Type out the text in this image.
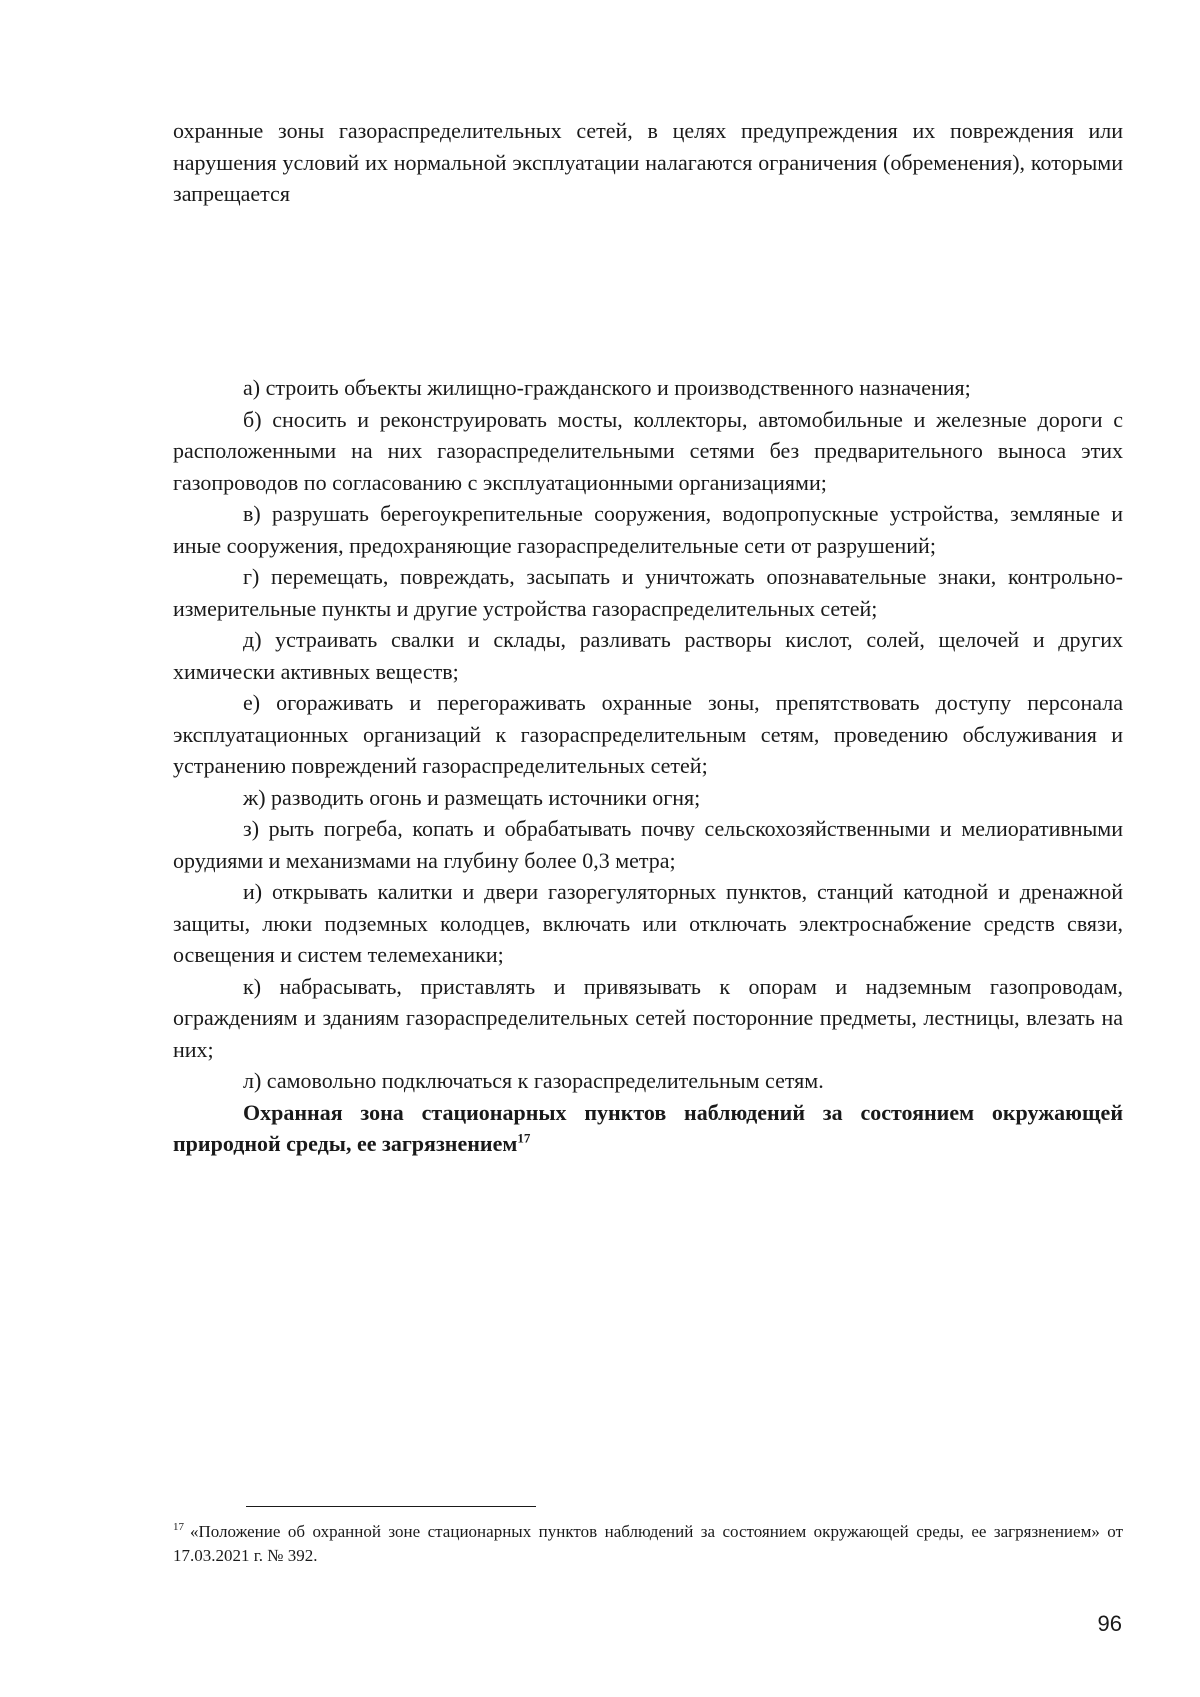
охранные зоны газораспределительных сетей, в целях предупреждения их повреждения или нарушения условий их нормальной эксплуатации налагаются ограничения (обременения), которыми запрещается

а) строить объекты жилищно-гражданского и производственного назначения;

б) сносить и реконструировать мосты, коллекторы, автомобильные и железные дороги с расположенными на них газораспределительными сетями без предварительного выноса этих газопроводов по согласованию с эксплуатационными организациями;

в) разрушать берегоукрепительные сооружения, водопропускные устройства, земляные и иные сооружения, предохраняющие газораспределительные сети от разрушений;

г) перемещать, повреждать, засыпать и уничтожать опознавательные знаки, контрольно-измерительные пункты и другие устройства газораспределительных сетей;

д) устраивать свалки и склады, разливать растворы кислот, солей, щелочей и других химически активных веществ;

е) огораживать и перегораживать охранные зоны, препятствовать доступу персонала эксплуатационных организаций к газораспределительным сетям, проведению обслуживания и устранению повреждений газораспределительных сетей;

ж) разводить огонь и размещать источники огня;

з) рыть погреба, копать и обрабатывать почву сельскохозяйственными и мелиоративными орудиями и механизмами на глубину более 0,3 метра;

и) открывать калитки и двери газорегуляторных пунктов, станций катодной и дренажной защиты, люки подземных колодцев, включать или отключать электроснабжение средств связи, освещения и систем телемеханики;

к) набрасывать, приставлять и привязывать к опорам и надземным газопроводам, ограждениям и зданиям газораспределительных сетей посторонние предметы, лестницы, влезать на них;

л) самовольно подключаться к газораспределительным сетям.

Охранная зона стационарных пунктов наблюдений за состоянием окружающей природной среды, ее загрязнением$^{17}$

$^{17}$ «Положение об охранной зоне стационарных пунктов наблюдений за состоянием окружающей среды, ее загрязнением» от 17.03.2021 г. № 392.
96
